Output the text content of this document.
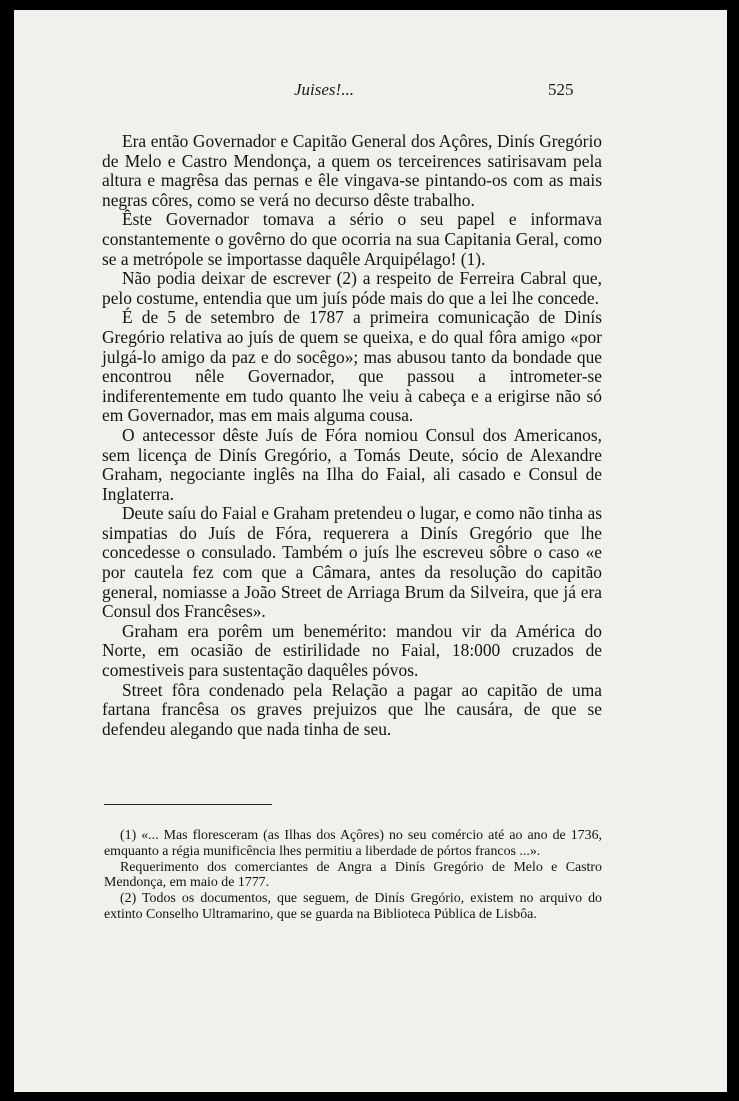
Juises!...	525

Era então Governador e Capitão General dos Açôres, Dinís Gregório de Melo e Castro Mendonça, a quem os terceirences satirisavam pela altura e magrêsa das pernas e êle vingava-se pintando-os com as mais negras côres, como se verá no decurso dêste trabalho.

Êste Governador tomava a sério o seu papel e informava constantemente o govêrno do que ocorria na sua Capitania Geral, como se a metrópole se importasse daquêle Arquipélago! (1).

Não podia deixar de escrever (2) a respeito de Ferreira Cabral que, pelo costume, entendia que um juís póde mais do que a lei lhe concede.

É de 5 de setembro de 1787 a primeira comunicação de Dinís Gregório relativa ao juís de quem se queixa, e do qual fôra amigo «por julgá-lo amigo da paz e do socêgo»; mas abusou tanto da bondade que encontrou nêle Governador, que passou a intrometer-se indiferentemente em tudo quanto lhe veiu à cabeça e a erigirse não só em Governador, mas em mais alguma cousa.

O antecessor dêste Juís de Fóra nomiou Consul dos Americanos, sem licença de Dinís Gregório, a Tomás Deute, sócio de Alexandre Graham, negociante inglês na Ilha do Faial, ali casado e Consul de Inglaterra.

Deute saíu do Faial e Graham pretendeu o lugar, e como não tinha as simpatias do Juís de Fóra, requerera a Dinís Gregório que lhe concedesse o consulado. Também o juís lhe escreveu sôbre o caso «e por cautela fez com que a Câmara, antes da resolução do capitão general, nomiasse a João Street de Arriaga Brum da Silveira, que já era Consul dos Francêses».

Graham era porêm um benemérito: mandou vir da América do Norte, em ocasião de estirilidade no Faial, 18:000 cruzados de comestiveis para sustentação daquêles póvos.

Street fôra condenado pela Relação a pagar ao capitão de uma fartana francêsa os graves prejuizos que lhe causára, de que se defendeu alegando que nada tinha de seu.

(1) «... Mas floresceram (as Ilhas dos Açôres) no seu comércio até ao ano de 1736, emquanto a régia munificência lhes permitiu a liberdade de pórtos francos ...».

Requerimento dos comerciantes de Angra a Dinís Gregório de Melo e Castro Mendonça, em maio de 1777.

(2) Todos os documentos, que seguem, de Dinís Gregório, existem no arquivo do extinto Conselho Ultramarino, que se guarda na Biblioteca Pública de Lisbôa.
